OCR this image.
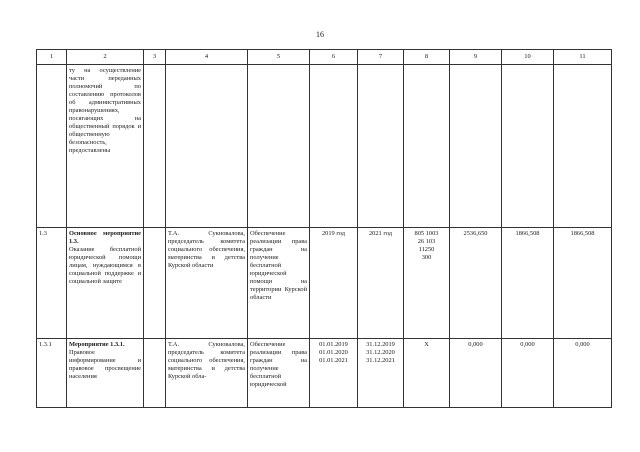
16
1	2	3	4	5	6	7	8	9	10	11
	ту на осуществление части переданных полномочий по составлению протоколов об административных правонарушениях, посягающих на общественный порядок и общественную безопасность, предоставлены									
1.3	Основное мероприятие 1.3.
Оказание бесплатной юридической помощи лицам, нуждающимся в социальной поддержке и социальной защите		Т.А. Сукновалова, председатель комитета социального обеспечения, материнства и детства Курской области	Обеспечение реализации права граждан на получение бесплатной юридической помощи на территории Курской области	2019 год	2021 год	805 1003
26 103
11250
300	2536,650	1866,508	1866,508
1.3.1	Мероприятие 1.3.1.
Правовое информирование и правовое просвещение населения		Т.А. Сукновалова, председатель комитета социального обеспечения, материнства и детства Курской обла-	Обеспечение реализации права граждан на получение бесплатной юридической	01.01.2019
01.01.2020
01.01.2021	31.12.2019
31.12.2020
31.12.2021	Х	0,000	0,000	0,000
